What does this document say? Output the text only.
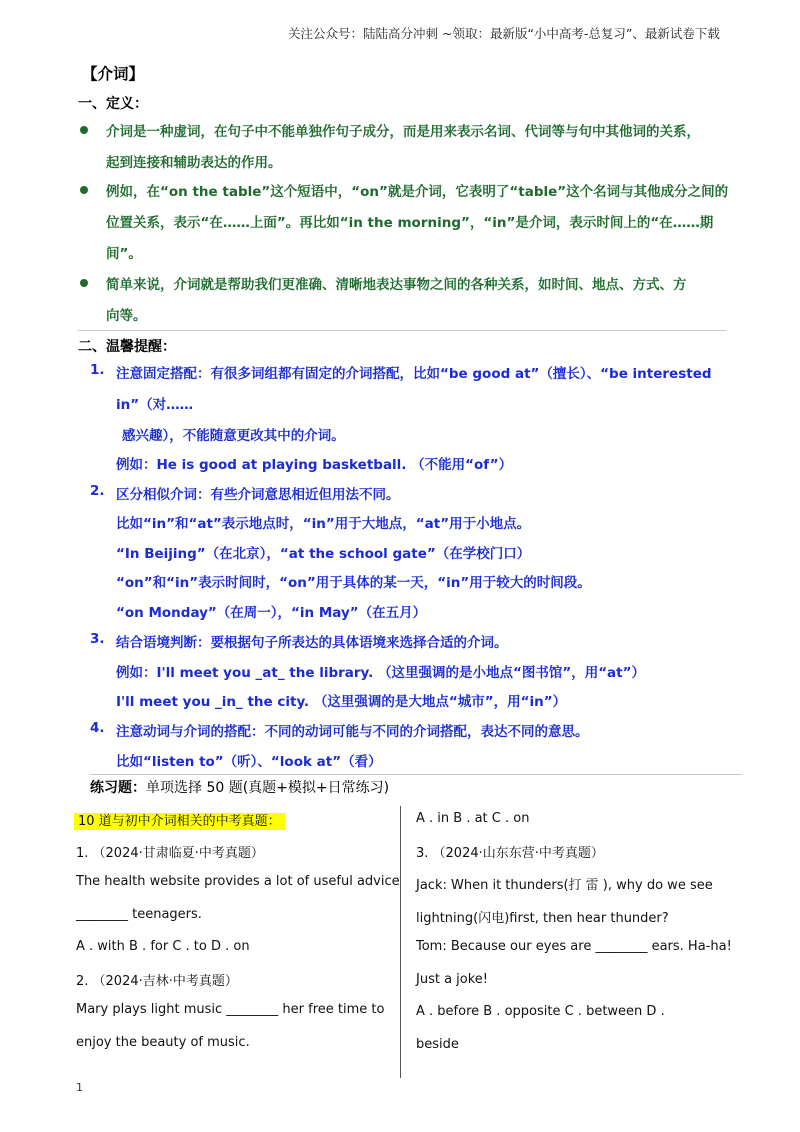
关注公众号：陆陆高分冲刺 ~领取：最新版“小中高考-总复习”、最新试卷下载
【介词】
一、定义：
介词是一种虚词，在句子中不能单独作句子成分，而是用来表示名词、代词等与句中其他词的关系，
起到连接和辅助表达的作用。
例如，在“on the table”这个短语中，“on”就是介词，它表明了“table”这个名词与其他成分之间的
位置关系，表示“在……上面”。再比如“in the morning”，“in”是介词，表示时间上的“在……期
间”。
简单来说，介词就是帮助我们更准确、清晰地表达事物之间的各种关系，如时间、地点、方式、方
向等。
二、温馨提醒：
1. 注意固定搭配：有很多词组都有固定的介词搭配，比如“be good at”（擅长）、“be interested
in”（对……
感兴趣），不能随意更改其中的介词。
例如：He is good at playing basketball. （不能用“of”）
2. 区分相似介词：有些介词意思相近但用法不同。
比如“in”和“at”表示地点时，“in”用于大地点，“at”用于小地点。
“In Beijing”（在北京），“at the school gate”（在学校门口）
“on”和“in”表示时间时，“on”用于具体的某一天，“in”用于较大的时间段。
“on Monday”（在周一），“in May”（在五月）
3. 结合语境判断：要根据句子所表达的具体语境来选择合适的介词。
例如：I'll meet you _at_ the library. （这里强调的是小地点“图书馆”，用“at”）
I'll meet you _in_ the city. （这里强调的是大地点“城市”，用“in”）
4. 注意动词与介词的搭配：不同的动词可能与不同的介词搭配，表达不同的意思。
比如“listen to”（听）、“look at”（看）
练习题：单项选择 50 题(真题+模拟+日常练习)
10 道与初中介词相关的中考真题：
1. （2024·甘肃临夏·中考真题）
The health website provides a lot of useful advice
________ teenagers.
A . with B . for C . to D . on
2. （2024·吉林·中考真题）
Mary plays light music ________ her free time to
enjoy the beauty of music.
A . in B . at C . on
3. （2024·山东东营·中考真题）
Jack: When it thunders(打 雷 ), why do we see
lightning(闪电)first, then hear thunder?
Tom: Because our eyes are ________ ears. Ha-ha!
Just a joke!
A . before B . opposite C . between D .
beside
1
